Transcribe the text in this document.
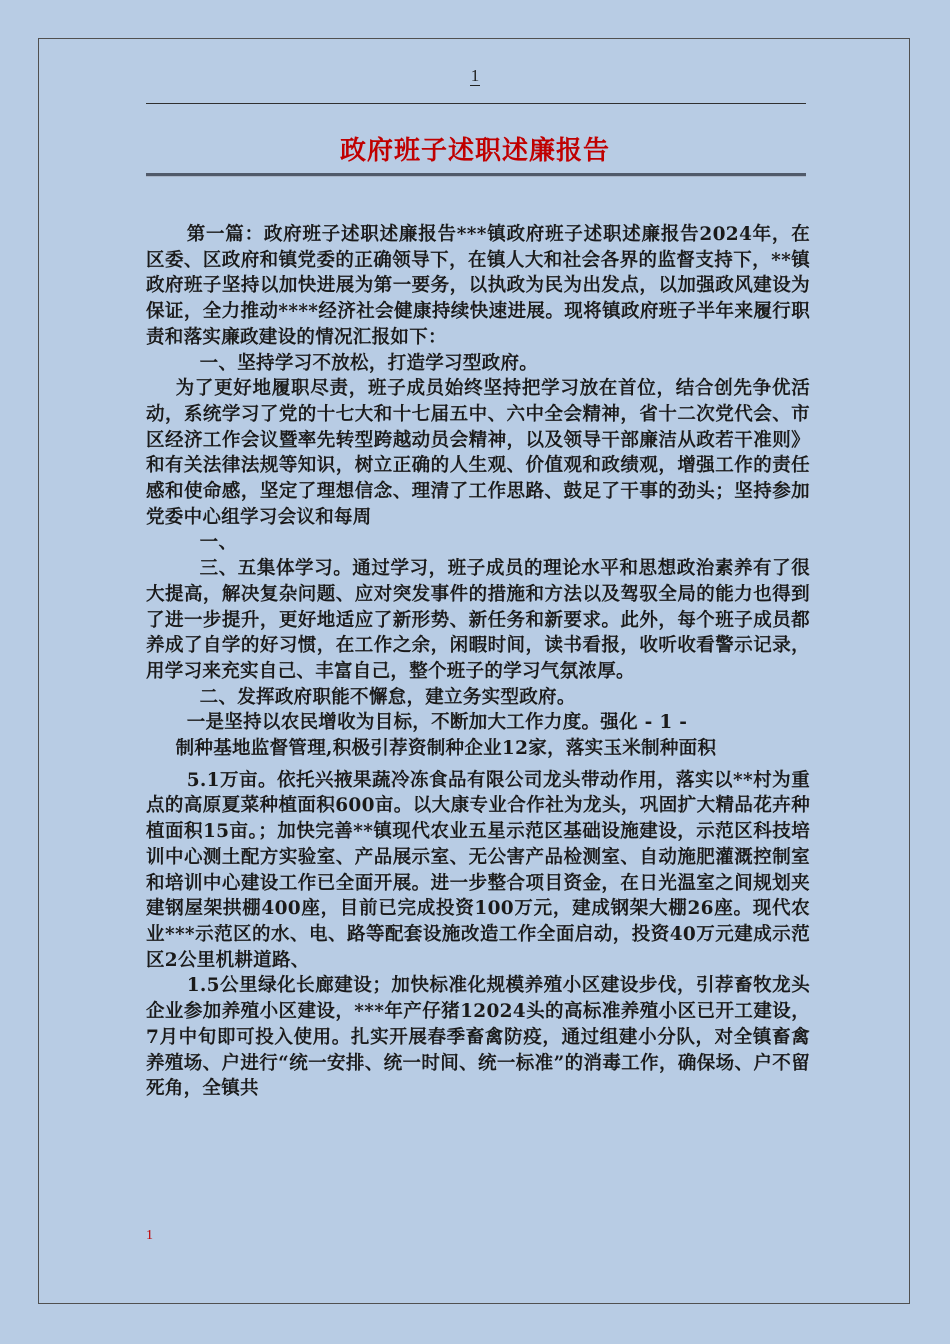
1
政府班子述职述廉报告

第一篇：政府班子述职述廉报告***镇政府班子述职述廉报告2024年，在区委、区政府和镇党委的正确领导下，在镇人大和社会各界的监督支持下，**镇政府班子坚持以加快进展为第一要务，以执政为民为出发点，以加强政风建设为保证，全力推动****经济社会健康持续快速进展。现将镇政府班子半年来履行职责和落实廉政建设的情况汇报如下：

一、坚持学习不放松，打造学习型政府。

为了更好地履职尽责，班子成员始终坚持把学习放在首位，结合创先争优活动，系统学习了党的十七大和十七届五中、六中全会精神，省十二次党代会、市区经济工作会议暨率先转型跨越动员会精神，以及领导干部廉洁从政若干准则》和有关法律法规等知识，树立正确的人生观、价值观和政绩观，增强工作的责任感和使命感，坚定了理想信念、理清了工作思路、鼓足了干事的劲头；坚持参加党委中心组学习会议和每周

一、

三、五集体学习。通过学习，班子成员的理论水平和思想政治素养有了很大提高，解决复杂问题、应对突发事件的措施和方法以及驾驭全局的能力也得到了进一步提升，更好地适应了新形势、新任务和新要求。此外，每个班子成员都养成了自学的好习惯，在工作之余，闲暇时间，读书看报，收听收看警示记录，用学习来充实自己、丰富自己，整个班子的学习气氛浓厚。

二、发挥政府职能不懈怠，建立务实型政府。

一是坚持以农民增收为目标，不断加大工作力度。强化 - 1 -

制种基地监督管理,积极引荐资制种企业12家，落实玉米制种面积

5.1万亩。依托兴掖果蔬冷冻食品有限公司龙头带动作用，落实以**村为重点的高原夏菜种植面积600亩。以大康专业合作社为龙头，巩固扩大精品花卉种植面积15亩。；加快完善**镇现代农业五星示范区基础设施建设，示范区科技培训中心测土配方实验室、产品展示室、无公害产品检测室、自动施肥灌溉控制室和培训中心建设工作已全面开展。进一步整合项目资金，在日光温室之间规划夹建钢屋架拱棚400座，目前已完成投资100万元，建成钢架大棚26座。现代农业***示范区的水、电、路等配套设施改造工作全面启动，投资40万元建成示范区2公里机耕道路、

1.5公里绿化长廊建设；加快标准化规模养殖小区建设步伐，引荐畜牧龙头企业参加养殖小区建设，***年产仔猪12024头的高标准养殖小区已开工建设，7月中旬即可投入使用。扎实开展春季畜禽防疫，通过组建小分队，对全镇畜禽养殖场、户进行“统一安排、统一时间、统一标准”的消毒工作，确保场、户不留死角，全镇共

1
